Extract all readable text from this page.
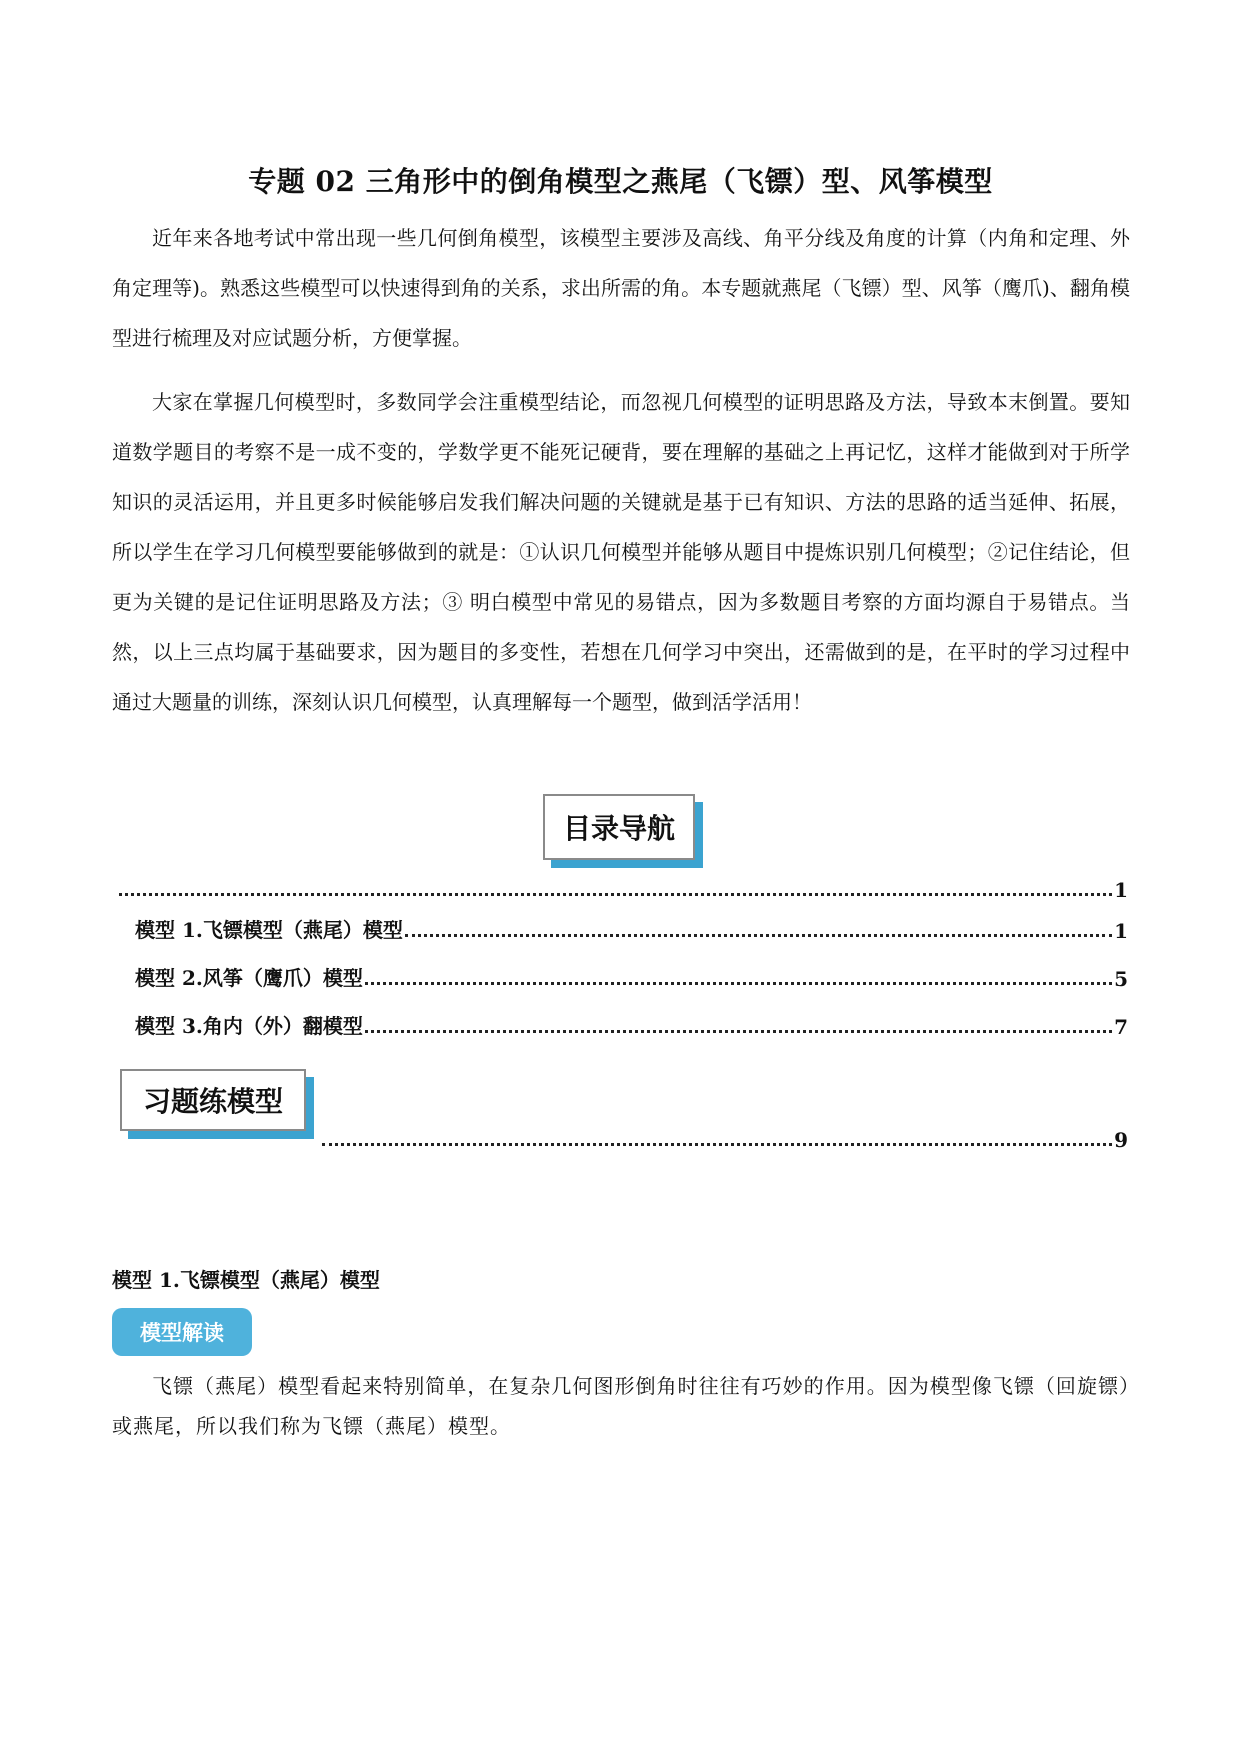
专题 02 三角形中的倒角模型之燕尾（飞镖）型、风筝模型

近年来各地考试中常出现一些几何倒角模型，该模型主要涉及高线、角平分线及角度的计算（内角和定理、外角定理等)。熟悉这些模型可以快速得到角的关系，求出所需的角。本专题就燕尾（飞镖）型、风筝（鹰爪)、翻角模型进行梳理及对应试题分析，方便掌握。

大家在掌握几何模型时，多数同学会注重模型结论，而忽视几何模型的证明思路及方法，导致本末倒置。要知道数学题目的考察不是一成不变的，学数学更不能死记硬背，要在理解的基础之上再记忆，这样才能做到对于所学知识的灵活运用，并且更多时候能够启发我们解决问题的关键就是基于已有知识、方法的思路的适当延伸、拓展，所以学生在学习几何模型要能够做到的就是：①认识几何模型并能够从题目中提炼识别几何模型；②记住结论，但更为关键的是记住证明思路及方法；③ 明白模型中常见的易错点，因为多数题目考察的方面均源自于易错点。当然，以上三点均属于基础要求，因为题目的多变性，若想在几何学习中突出，还需做到的是，在平时的学习过程中通过大题量的训练，深刻认识几何模型，认真理解每一个题型，做到活学活用！

目录导航
1
模型 1.飞镖模型（燕尾）模型	1
模型 2.风筝（鹰爪）模型	5
模型 3.角内（外）翻模型	7
习题练模型
9
模型 1.飞镖模型（燕尾）模型
模型解读

飞镖（燕尾）模型看起来特别简单，在复杂几何图形倒角时往往有巧妙的作用。因为模型像飞镖（回旋镖）或燕尾，所以我们称为飞镖（燕尾）模型。
